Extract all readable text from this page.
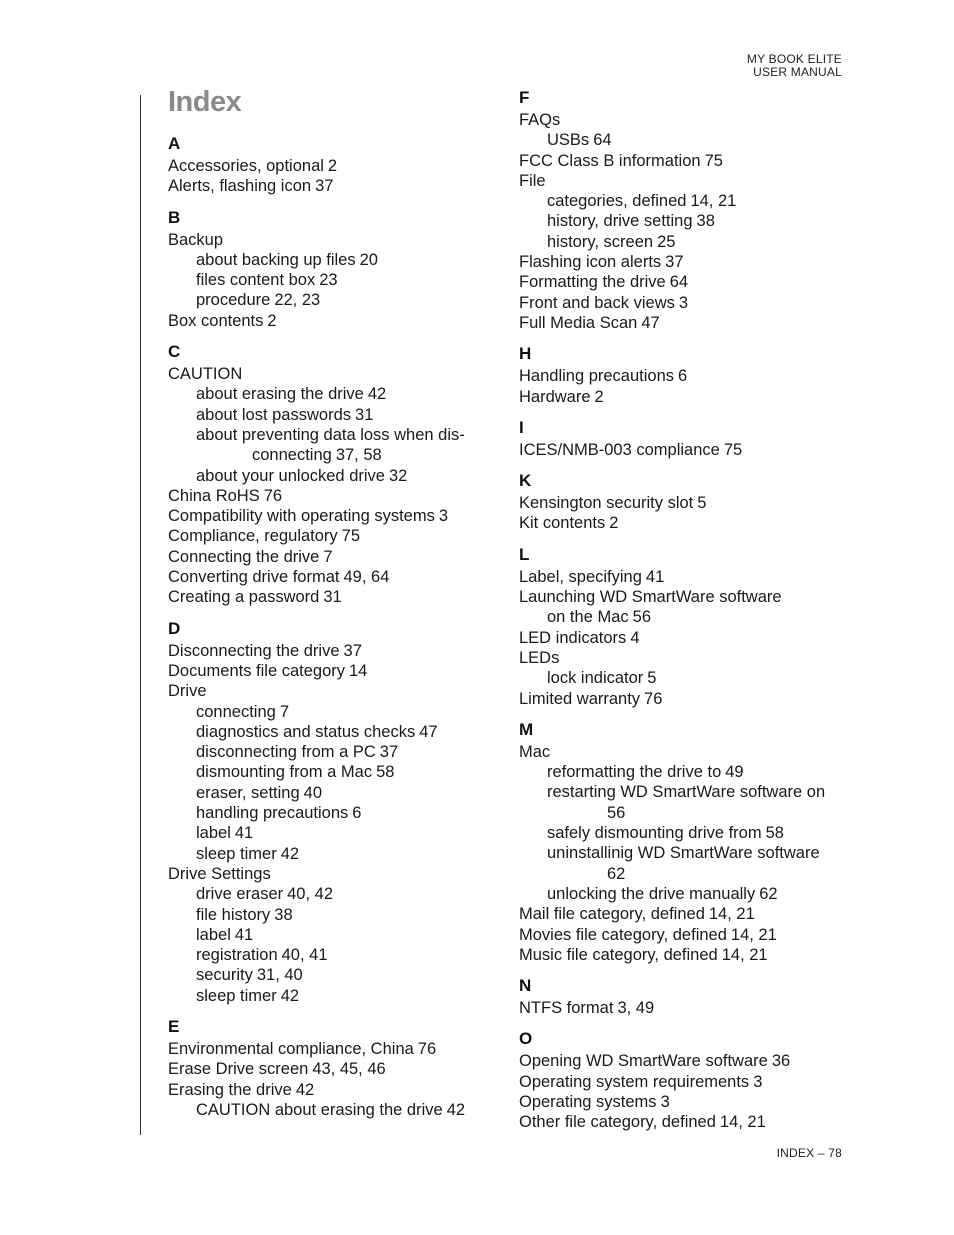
MY BOOK ELITE
USER MANUAL
Index
A
Accessories, optional 2
Alerts, flashing icon 37
B
Backup
about backing up files 20
files content box 23
procedure 22, 23
Box contents 2
C
CAUTION
about erasing the drive 42
about lost passwords 31
about preventing data loss when dis-
connecting 37, 58
about your unlocked drive 32
China RoHS 76
Compatibility with operating systems 3
Compliance, regulatory 75
Connecting the drive 7
Converting drive format 49, 64
Creating a password 31
D
Disconnecting the drive 37
Documents file category 14
Drive
connecting 7
diagnostics and status checks 47
disconnecting from a PC 37
dismounting from a Mac 58
eraser, setting 40
handling precautions 6
label 41
sleep timer 42
Drive Settings
drive eraser 40, 42
file history 38
label 41
registration 40, 41
security 31, 40
sleep timer 42
E
Environmental compliance, China 76
Erase Drive screen 43, 45, 46
Erasing the drive 42
CAUTION about erasing the drive 42
F
FAQs
USBs 64
FCC Class B information 75
File
categories, defined 14, 21
history, drive setting 38
history, screen 25
Flashing icon alerts 37
Formatting the drive 64
Front and back views 3
Full Media Scan 47
H
Handling precautions 6
Hardware 2
I
ICES/NMB-003 compliance 75
K
Kensington security slot 5
Kit contents 2
L
Label, specifying 41
Launching WD SmartWare software
on the Mac 56
LED indicators 4
LEDs
lock indicator 5
Limited warranty 76
M
Mac
reformatting the drive to 49
restarting WD SmartWare software on
56
safely dismounting drive from 58
uninstallinig WD SmartWare software
62
unlocking the drive manually 62
Mail file category, defined 14, 21
Movies file category, defined 14, 21
Music file category, defined 14, 21
N
NTFS format 3, 49
O
Opening WD SmartWare software 36
Operating system requirements 3
Operating systems 3
Other file category, defined 14, 21
INDEX – 78
